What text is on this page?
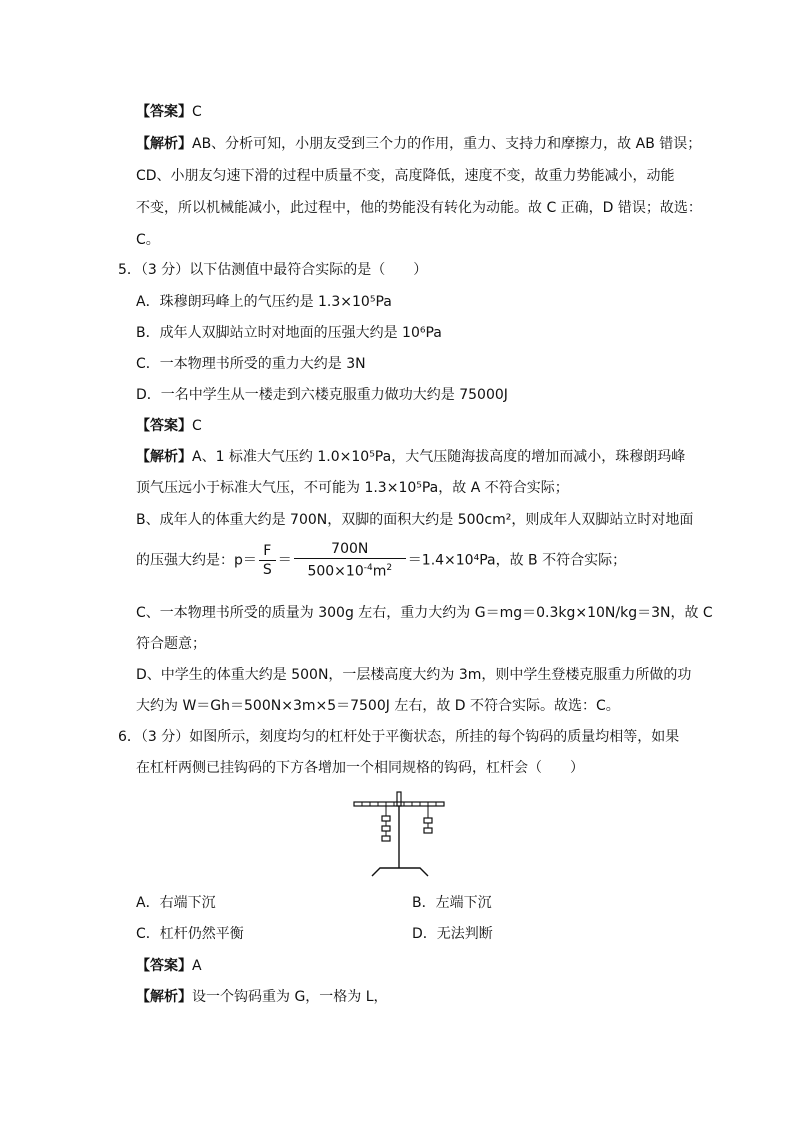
【答案】C
【解析】AB、分析可知，小朋友受到三个力的作用，重力、支持力和摩擦力，故 AB 错误；
CD、小朋友匀速下滑的过程中质量不变，高度降低，速度不变，故重力势能减小，动能
不变，所以机械能减小，此过程中，他的势能没有转化为动能。故 C 正确，D 错误；故选：
C。
5．（3 分）以下估测值中最符合实际的是（　　）
A．珠穆朗玛峰上的气压约是 1.3×10⁵Pa
B．成年人双脚站立时对地面的压强大约是 10⁶Pa
C．一本物理书所受的重力大约是 3N
D．一名中学生从一楼走到六楼克服重力做功大约是 75000J
【答案】C
【解析】A、1 标准大气压约 1.0×10⁵Pa，大气压随海拔高度的增加而减小，珠穆朗玛峰
顶气压远小于标准大气压，不可能为 1.3×10⁵Pa，故 A 不符合实际；
B、成年人的体重大约是 700N，双脚的面积大约是 500cm²，则成年人双脚站立时对地面
的压强大约是：$p= \frac{F}{S} = \frac{700N}{500\times 10^{-4}m^2} =1.4\times 10^4Pa$，故 B 不符合实际；
C、一本物理书所受的质量为 300g 左右，重力大约为 G＝mg＝0.3kg×10N/kg＝3N，故 C
符合题意；
D、中学生的体重大约是 500N，一层楼高度大约为 3m，则中学生登楼克服重力所做的功
大约为 W＝Gh＝500N×3m×5＝7500J 左右，故 D 不符合实际。故选：C。
6．（3 分）如图所示，刻度均匀的杠杆处于平衡状态，所挂的每个钩码的质量均相等，如果
在杠杆两侧已挂钩码的下方各增加一个相同规格的钩码，杠杆会（　　）
A．右端下沉	B．左端下沉
C．杠杆仍然平衡	D．无法判断
【答案】A
【解析】设一个钩码重为 G，一格为 L，
